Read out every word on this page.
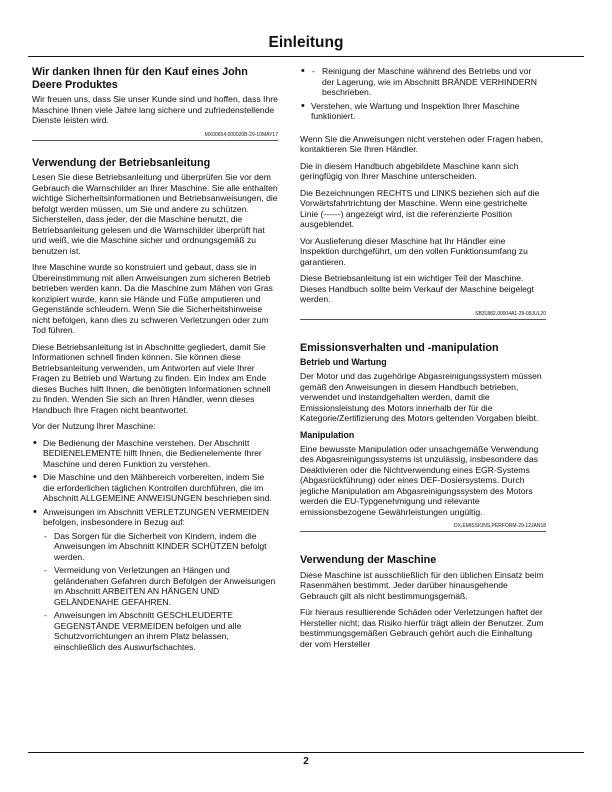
Einleitung
Wir danken Ihnen für den Kauf eines John Deere Produktes

Wir freuen uns, dass Sie unser Kunde sind und hoffen, dass Ihre Maschine Ihnen viele Jahre lang sichere und zufriedenstellende Dienste leisten wird.

MX00654,000020B-29-10MAY17
Verwendung der Betriebsanleitung

Lesen Sie diese Betriebsanleitung und überprüfen Sie vor dem Gebrauch die Warnschilder an Ihrer Maschine. Sie alle enthalten wichtige Sicherheitsinformationen und Betriebsanweisungen, die befolgt werden müssen, um Sie und andere zu schützen. Sicherstellen, dass jeder, der die Maschine benutzt, die Betriebsanleitung gelesen und die Warnschilder überprüft hat und weiß, wie die Maschine sicher und ordnungsgemäß zu benutzen ist.

Ihre Maschine wurde so konstruiert und gebaut, dass sie in Übereinstimmung mit allen Anweisungen zum sicheren Betrieb betrieben werden kann. Da die Maschine zum Mähen von Gras konzipiert wurde, kann sie Hände und Füße amputieren und Gegenstände schleudern. Wenn Sie die Sicherheitshinweise nicht befolgen, kann dies zu schweren Verletzungen oder zum Tod führen.

Diese Betriebsanleitung ist in Abschnitte gegliedert, damit Sie Informationen schnell finden können. Sie können diese Betriebsanleitung verwenden, um Antworten auf viele Ihrer Fragen zu Betrieb und Wartung zu finden. Ein Index am Ende dieses Buches hilft Ihnen, die benötigten Informationen schnell zu finden. Wenden Sie sich an Ihren Händler, wenn dieses Handbuch Ihre Fragen nicht beantwortet.

Vor der Nutzung Ihrer Maschine:

• Die Bedienung der Maschine verstehen. Der Abschnitt BEDIENELEMENTE hilft Ihnen, die Bedienelemente Ihrer Maschine und deren Funktion zu verstehen.
• Die Maschine und den Mähbereich vorbereiten, indem Sie die erforderlichen täglichen Kontrollen durchführen, die im Abschnitt ALLGEMEINE ANWEISUNGEN beschrieben sind.
• Anweisungen im Abschnitt VERLETZUNGEN VERMEIDEN befolgen, insbesondere in Bezug auf:
- Das Sorgen für die Sicherheit von Kindern, indem die Anweisungen im Abschnitt KINDER SCHÜTZEN befolgt werden.
- Vermeidung von Verletzungen an Hängen und geländenahen Gefahren durch Befolgen der Anweisungen im Abschnitt ARBEITEN AN HÄNGEN UND GELÄNDENAHE GEFAHREN.
- Anweisungen im Abschnitt GESCHLEUDERTE GEGENSTÄNDE VERMEIDEN befolgen und alle Schutzvorrichtungen an ihrem Platz belassen, einschließlich des Auswurfschachtes.
- • Reinigung der Maschine während des Betriebs und vor der Lagerung, wie im Abschnitt BRÄNDE VERHINDERN beschrieben.
• Verstehen, wie Wartung und Inspektion Ihrer Maschine funktioniert.

Wenn Sie die Anweisungen nicht verstehen oder Fragen haben, kontaktieren Sie Ihren Händler.

Die in diesem Handbuch abgebildete Maschine kann sich geringfügig von Ihrer Maschine unterscheiden.

Die Bezeichnungen RECHTS und LINKS beziehen sich auf die Vorwärtsfahrtrichtung der Maschine. Wenn eine gestrichelte Linie (------) angezeigt wird, ist die referenzierte Position ausgeblendet.

Vor Auslieferung dieser Maschine hat Ihr Händler eine Inspektion durchgeführt, um den vollen Funktionsumfang zu garantieren.

Diese Betriebsanleitung ist ein wichtiger Teil der Maschine. Dieses Handbuch sollte beim Verkauf der Maschine beigelegt werden.

SB31882,00004A1-29-09JUL20
Emissionsverhalten und -manipulation
Betrieb und Wartung

Der Motor und das zugehörige Abgasreinigungssystem müssen gemäß den Anweisungen in diesem Handbuch betrieben, verwendet und instandgehalten werden, damit die Emissionsleistung des Motors innerhalb der für die Kategorie/Zertifizierung des Motors geltenden Vorgaben bleibt.

Manipulation

Eine bewusste Manipulation oder unsachgemäße Verwendung des Abgasreinigungssystems ist unzulässig, insbesondere das Deaktivieren oder die Nichtverwendung eines EGR-Systems (Abgasrückführung) oder eines DEF-Dosiersystems. Durch jegliche Manipulation am Abgasreinigungssystem des Motors werden die EU-Typgenehmigung und relevante emissionsbezogene Gewährleistungen ungültig.

DX,EMISSIONS,PERFORM-29-12JAN18
Verwendung der Maschine

Diese Maschine ist ausschließlich für den üblichen Einsatz beim Rasenmähen bestimmt. Jeder darüber hinausgehende Gebrauch gilt als nicht bestimmungsgemäß.

Für hieraus resultierende Schäden oder Verletzungen haftet der Hersteller nicht; das Risiko hierfür trägt allein der Benutzer. Zum bestimmungsgemäßen Gebrauch gehört auch die Einhaltung der vom Hersteller

2
